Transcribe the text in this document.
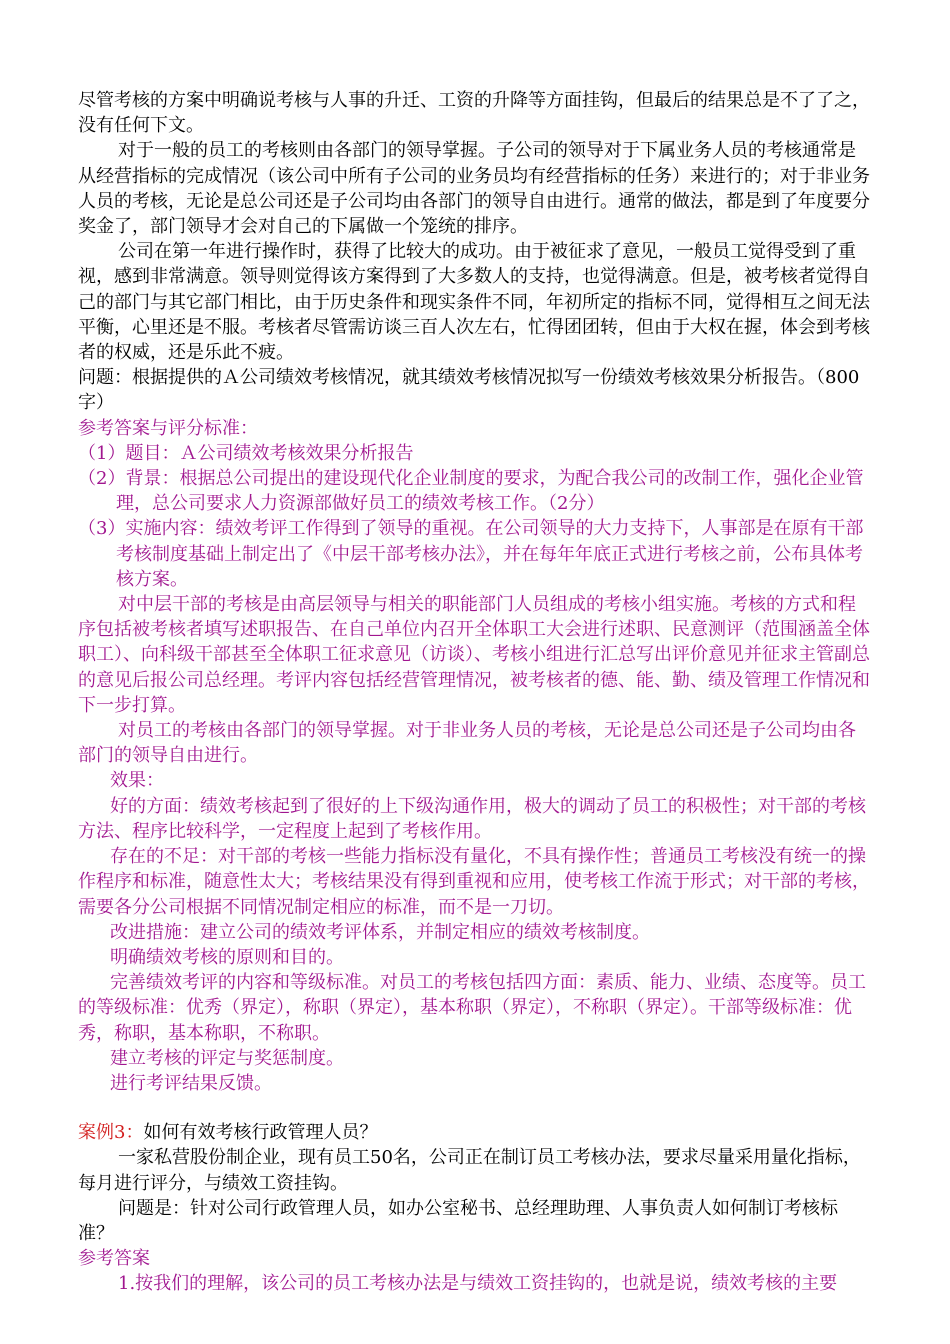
尽管考核的方案中明确说考核与人事的升迁、工资的升降等方面挂钩，但最后的结果总是不了了之，没有任何下文。

对于一般的员工的考核则由各部门的领导掌握。子公司的领导对于下属业务人员的考核通常是从经营指标的完成情况（该公司中所有子公司的业务员均有经营指标的任务）来进行的；对于非业务人员的考核，无论是总公司还是子公司均由各部门的领导自由进行。通常的做法，都是到了年度要分奖金了，部门领导才会对自己的下属做一个笼统的排序。

公司在第一年进行操作时，获得了比较大的成功。由于被征求了意见，一般员工觉得受到了重视，感到非常满意。领导则觉得该方案得到了大多数人的支持，也觉得满意。但是，被考核者觉得自己的部门与其它部门相比，由于历史条件和现实条件不同，年初所定的指标不同，觉得相互之间无法平衡，心里还是不服。考核者尽管需访谈三百人次左右，忙得团团转，但由于大权在握，体会到考核者的权威，还是乐此不疲。

问题：根据提供的Ａ公司绩效考核情况，就其绩效考核情况拟写一份绩效考核效果分析报告。（800字）

参考答案与评分标准：

（1）题目：Ａ公司绩效考核效果分析报告

（2）背景：根据总公司提出的建设现代化企业制度的要求，为配合我公司的改制工作，强化企业管理，总公司要求人力资源部做好员工的绩效考核工作。（2分）

（3）实施内容：绩效考评工作得到了领导的重视。在公司领导的大力支持下，人事部是在原有干部考核制度基础上制定出了《中层干部考核办法》，并在每年年底正式进行考核之前，公布具体考核方案。

对中层干部的考核是由高层领导与相关的职能部门人员组成的考核小组实施。考核的方式和程序包括被考核者填写述职报告、在自己单位内召开全体职工大会进行述职、民意测评（范围涵盖全体职工）、向科级干部甚至全体职工征求意见（访谈）、考核小组进行汇总写出评价意见并征求主管副总的意见后报公司总经理。考评内容包括经营管理情况，被考核者的德、能、勤、绩及管理工作情况和下一步打算。

对员工的考核由各部门的领导掌握。对于非业务人员的考核，无论是总公司还是子公司均由各部门的领导自由进行。

效果：

好的方面：绩效考核起到了很好的上下级沟通作用，极大的调动了员工的积极性；对干部的考核方法、程序比较科学，一定程度上起到了考核作用。

存在的不足：对干部的考核一些能力指标没有量化，不具有操作性；普通员工考核没有统一的操作程序和标准，随意性太大；考核结果没有得到重视和应用，使考核工作流于形式；对干部的考核，需要各分公司根据不同情况制定相应的标准，而不是一刀切。

改进措施：建立公司的绩效考评体系，并制定相应的绩效考核制度。

明确绩效考核的原则和目的。

完善绩效考评的内容和等级标准。对员工的考核包括四方面：素质、能力、业绩、态度等。员工的等级标准：优秀（界定），称职（界定），基本称职（界定），不称职（界定）。干部等级标准：优秀，称职，基本称职，不称职。

建立考核的评定与奖惩制度。

进行考评结果反馈。

案例3：如何有效考核行政管理人员？

一家私营股份制企业，现有员工50名，公司正在制订员工考核办法，要求尽量采用量化指标，每月进行评分，与绩效工资挂钩。

问题是：针对公司行政管理人员，如办公室秘书、总经理助理、人事负责人如何制订考核标准？

参考答案

1.按我们的理解，该公司的员工考核办法是与绩效工资挂钩的，也就是说，绩效考核的主要
